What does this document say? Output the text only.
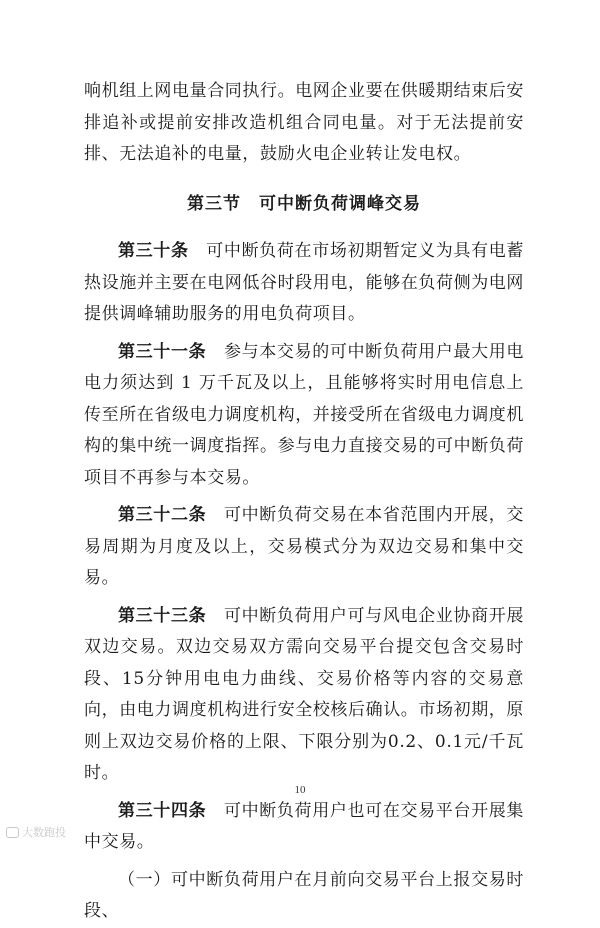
响机组上网电量合同执行。电网企业要在供暖期结束后安排追补或提前安排改造机组合同电量。对于无法提前安排、无法追补的电量，鼓励火电企业转让发电权。

第三节　可中断负荷调峰交易

第三十条　 可中断负荷在市场初期暂定义为具有电蓄热设施并主要在电网低谷时段用电，能够在负荷侧为电网提供调峰辅助服务的用电负荷项目。

第三十一条　 参与本交易的可中断负荷用户最大用电电力须达到 1 万千瓦及以上，且能够将实时用电信息上传至所在省级电力调度机构，并接受所在省级电力调度机构的集中统一调度指挥。参与电力直接交易的可中断负荷项目不再参与本交易。

第三十二条　 可中断负荷交易在本省范围内开展，交易周期为月度及以上，交易模式分为双边交易和集中交易。

第三十三条　 可中断负荷用户可与风电企业协商开展双边交易。双边交易双方需向交易平台提交包含交易时段、15分钟用电电力曲线、交易价格等内容的交易意向，由电力调度机构进行安全校核后确认。市场初期，原则上双边交易价格的上限、下限分别为0.2、0.1元/千瓦时。

第三十四条　 可中断负荷用户也可在交易平台开展集中交易。

（一）可中断负荷用户在月前向交易平台上报交易时段、

10
大数跑投
